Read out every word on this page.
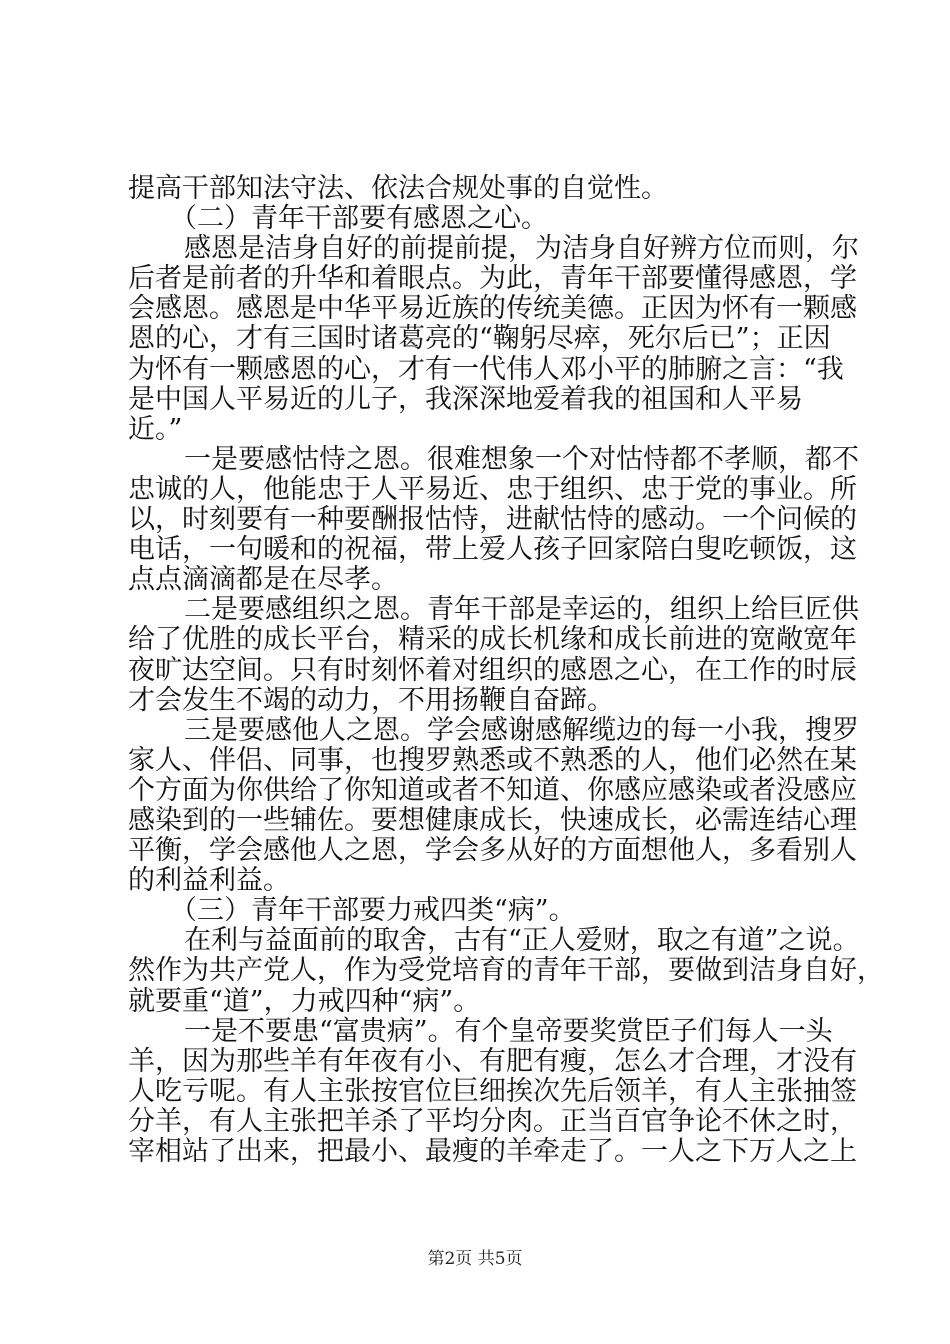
提高干部知法守法、依法合规处事的自觉性。
（二）青年干部要有感恩之心。
感恩是洁身自好的前提前提，为洁身自好辨方位而则，尔
后者是前者的升华和着眼点。为此，青年干部要懂得感恩，学
会感恩。感恩是中华平易近族的传统美德。正因为怀有一颗感
恩的心，才有三国时诸葛亮的“鞠躬尽瘁，死尔后已”；正因
为怀有一颗感恩的心，才有一代伟人邓小平的肺腑之言：“我
是中国人平易近的儿子，我深深地爱着我的祖国和人平易
近。”
一是要感怙恃之恩。很难想象一个对怙恃都不孝顺，都不
忠诚的人，他能忠于人平易近、忠于组织、忠于党的事业。所
以，时刻要有一种要酬报怙恃，进献怙恃的感动。一个问候的
电话，一句暖和的祝福，带上爱人孩子回家陪白叟吃顿饭，这
点点滴滴都是在尽孝。
二是要感组织之恩。青年干部是幸运的，组织上给巨匠供
给了优胜的成长平台，精采的成长机缘和成长前进的宽敞宽年
夜旷达空间。只有时刻怀着对组织的感恩之心，在工作的时辰
才会发生不竭的动力，不用扬鞭自奋蹄。
三是要感他人之恩。学会感谢感解缆边的每一小我，搜罗
家人、伴侣、同事，也搜罗熟悉或不熟悉的人，他们必然在某
个方面为你供给了你知道或者不知道、你感应感染或者没感应
感染到的一些辅佐。要想健康成长，快速成长，必需连结心理
平衡，学会感他人之恩，学会多从好的方面想他人，多看别人
的利益利益。
（三）青年干部要力戒四类“病”。
在利与益面前的取舍，古有“正人爱财，取之有道”之说。
然作为共产党人，作为受党培育的青年干部，要做到洁身自好，
就要重“道”，力戒四种“病”。
一是不要患“富贵病”。有个皇帝要奖赏臣子们每人一头
羊，因为那些羊有年夜有小、有肥有瘦，怎么才合理，才没有
人吃亏呢。有人主张按官位巨细挨次先后领羊，有人主张抽签
分羊，有人主张把羊杀了平均分肉。正当百官争论不休之时，
宰相站了出来，把最小、最瘦的羊牵走了。一人之下万人之上
第2页 共5页
